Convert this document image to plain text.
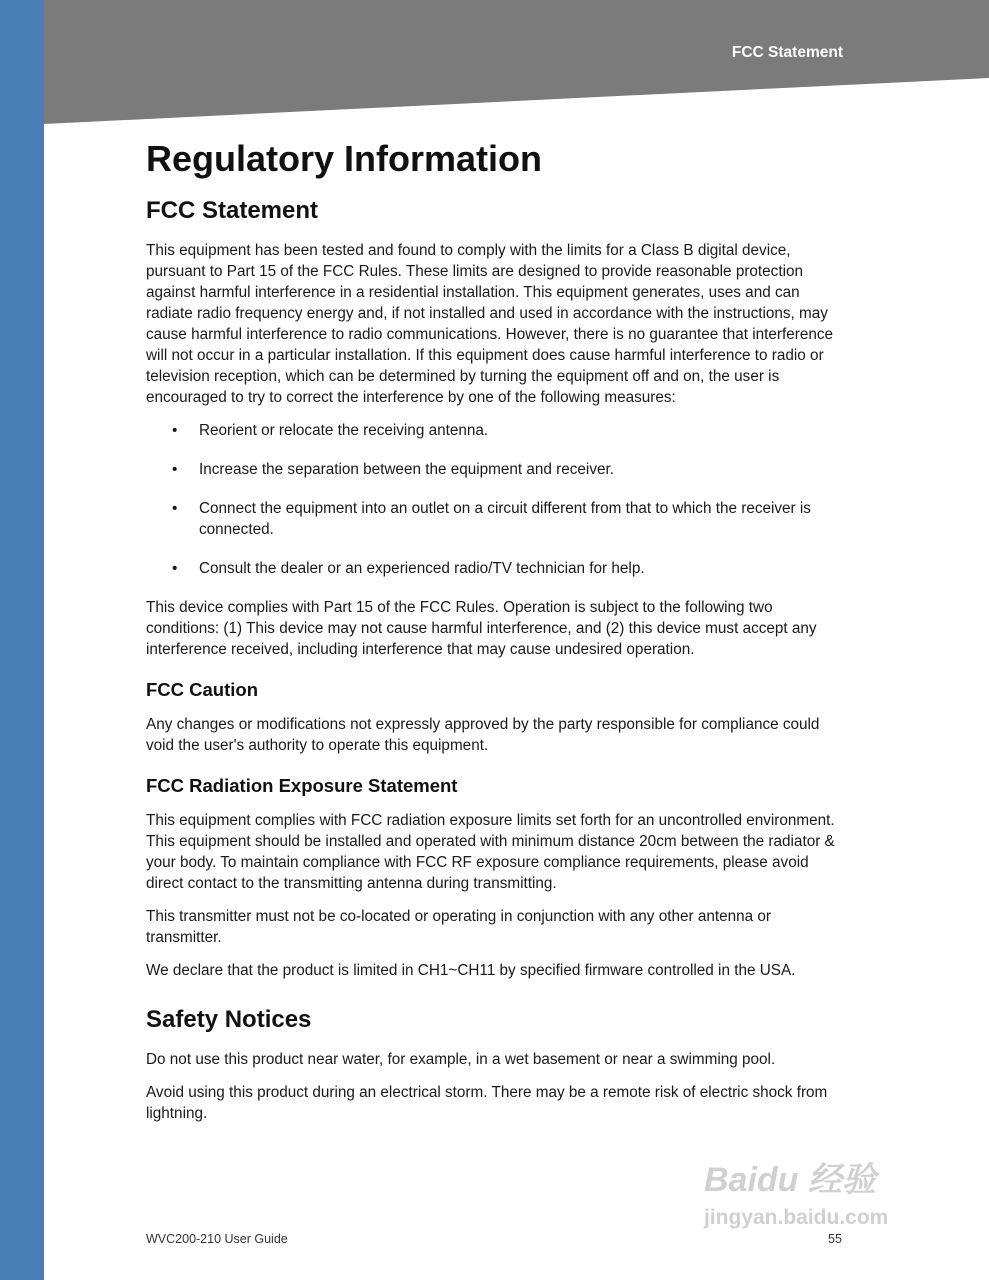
FCC Statement
Regulatory Information
FCC Statement

This equipment has been tested and found to comply with the limits for a Class B digital device, pursuant to Part 15 of the FCC Rules. These limits are designed to provide reasonable protection against harmful interference in a residential installation. This equipment generates, uses and can radiate radio frequency energy and, if not installed and used in accordance with the instructions, may cause harmful interference to radio communications. However, there is no guarantee that interference will not occur in a particular installation. If this equipment does cause harmful interference to radio or television reception, which can be determined by turning the equipment off and on, the user is encouraged to try to correct the interference by one of the following measures:

• Reorient or relocate the receiving antenna.
• Increase the separation between the equipment and receiver.
• Connect the equipment into an outlet on a circuit different from that to which the receiver is connected.
• Consult the dealer or an experienced radio/TV technician for help.

This device complies with Part 15 of the FCC Rules. Operation is subject to the following two conditions: (1) This device may not cause harmful interference, and (2) this device must accept any interference received, including interference that may cause undesired operation.

FCC Caution

Any changes or modifications not expressly approved by the party responsible for compliance could void the user's authority to operate this equipment.

FCC Radiation Exposure Statement

This equipment complies with FCC radiation exposure limits set forth for an uncontrolled environment. This equipment should be installed and operated with minimum distance 20cm between the radiator & your body. To maintain compliance with FCC RF exposure compliance requirements, please avoid direct contact to the transmitting antenna during transmitting.

This transmitter must not be co-located or operating in conjunction with any other antenna or transmitter.

We declare that the product is limited in CH1~CH11 by specified firmware controlled in the USA.

Safety Notices

Do not use this product near water, for example, in a wet basement or near a swimming pool.

Avoid using this product during an electrical storm. There may be a remote risk of electric shock from lightning.

WVC200-210 User Guide	55
Baidu 经验
jingyan.baidu.com
